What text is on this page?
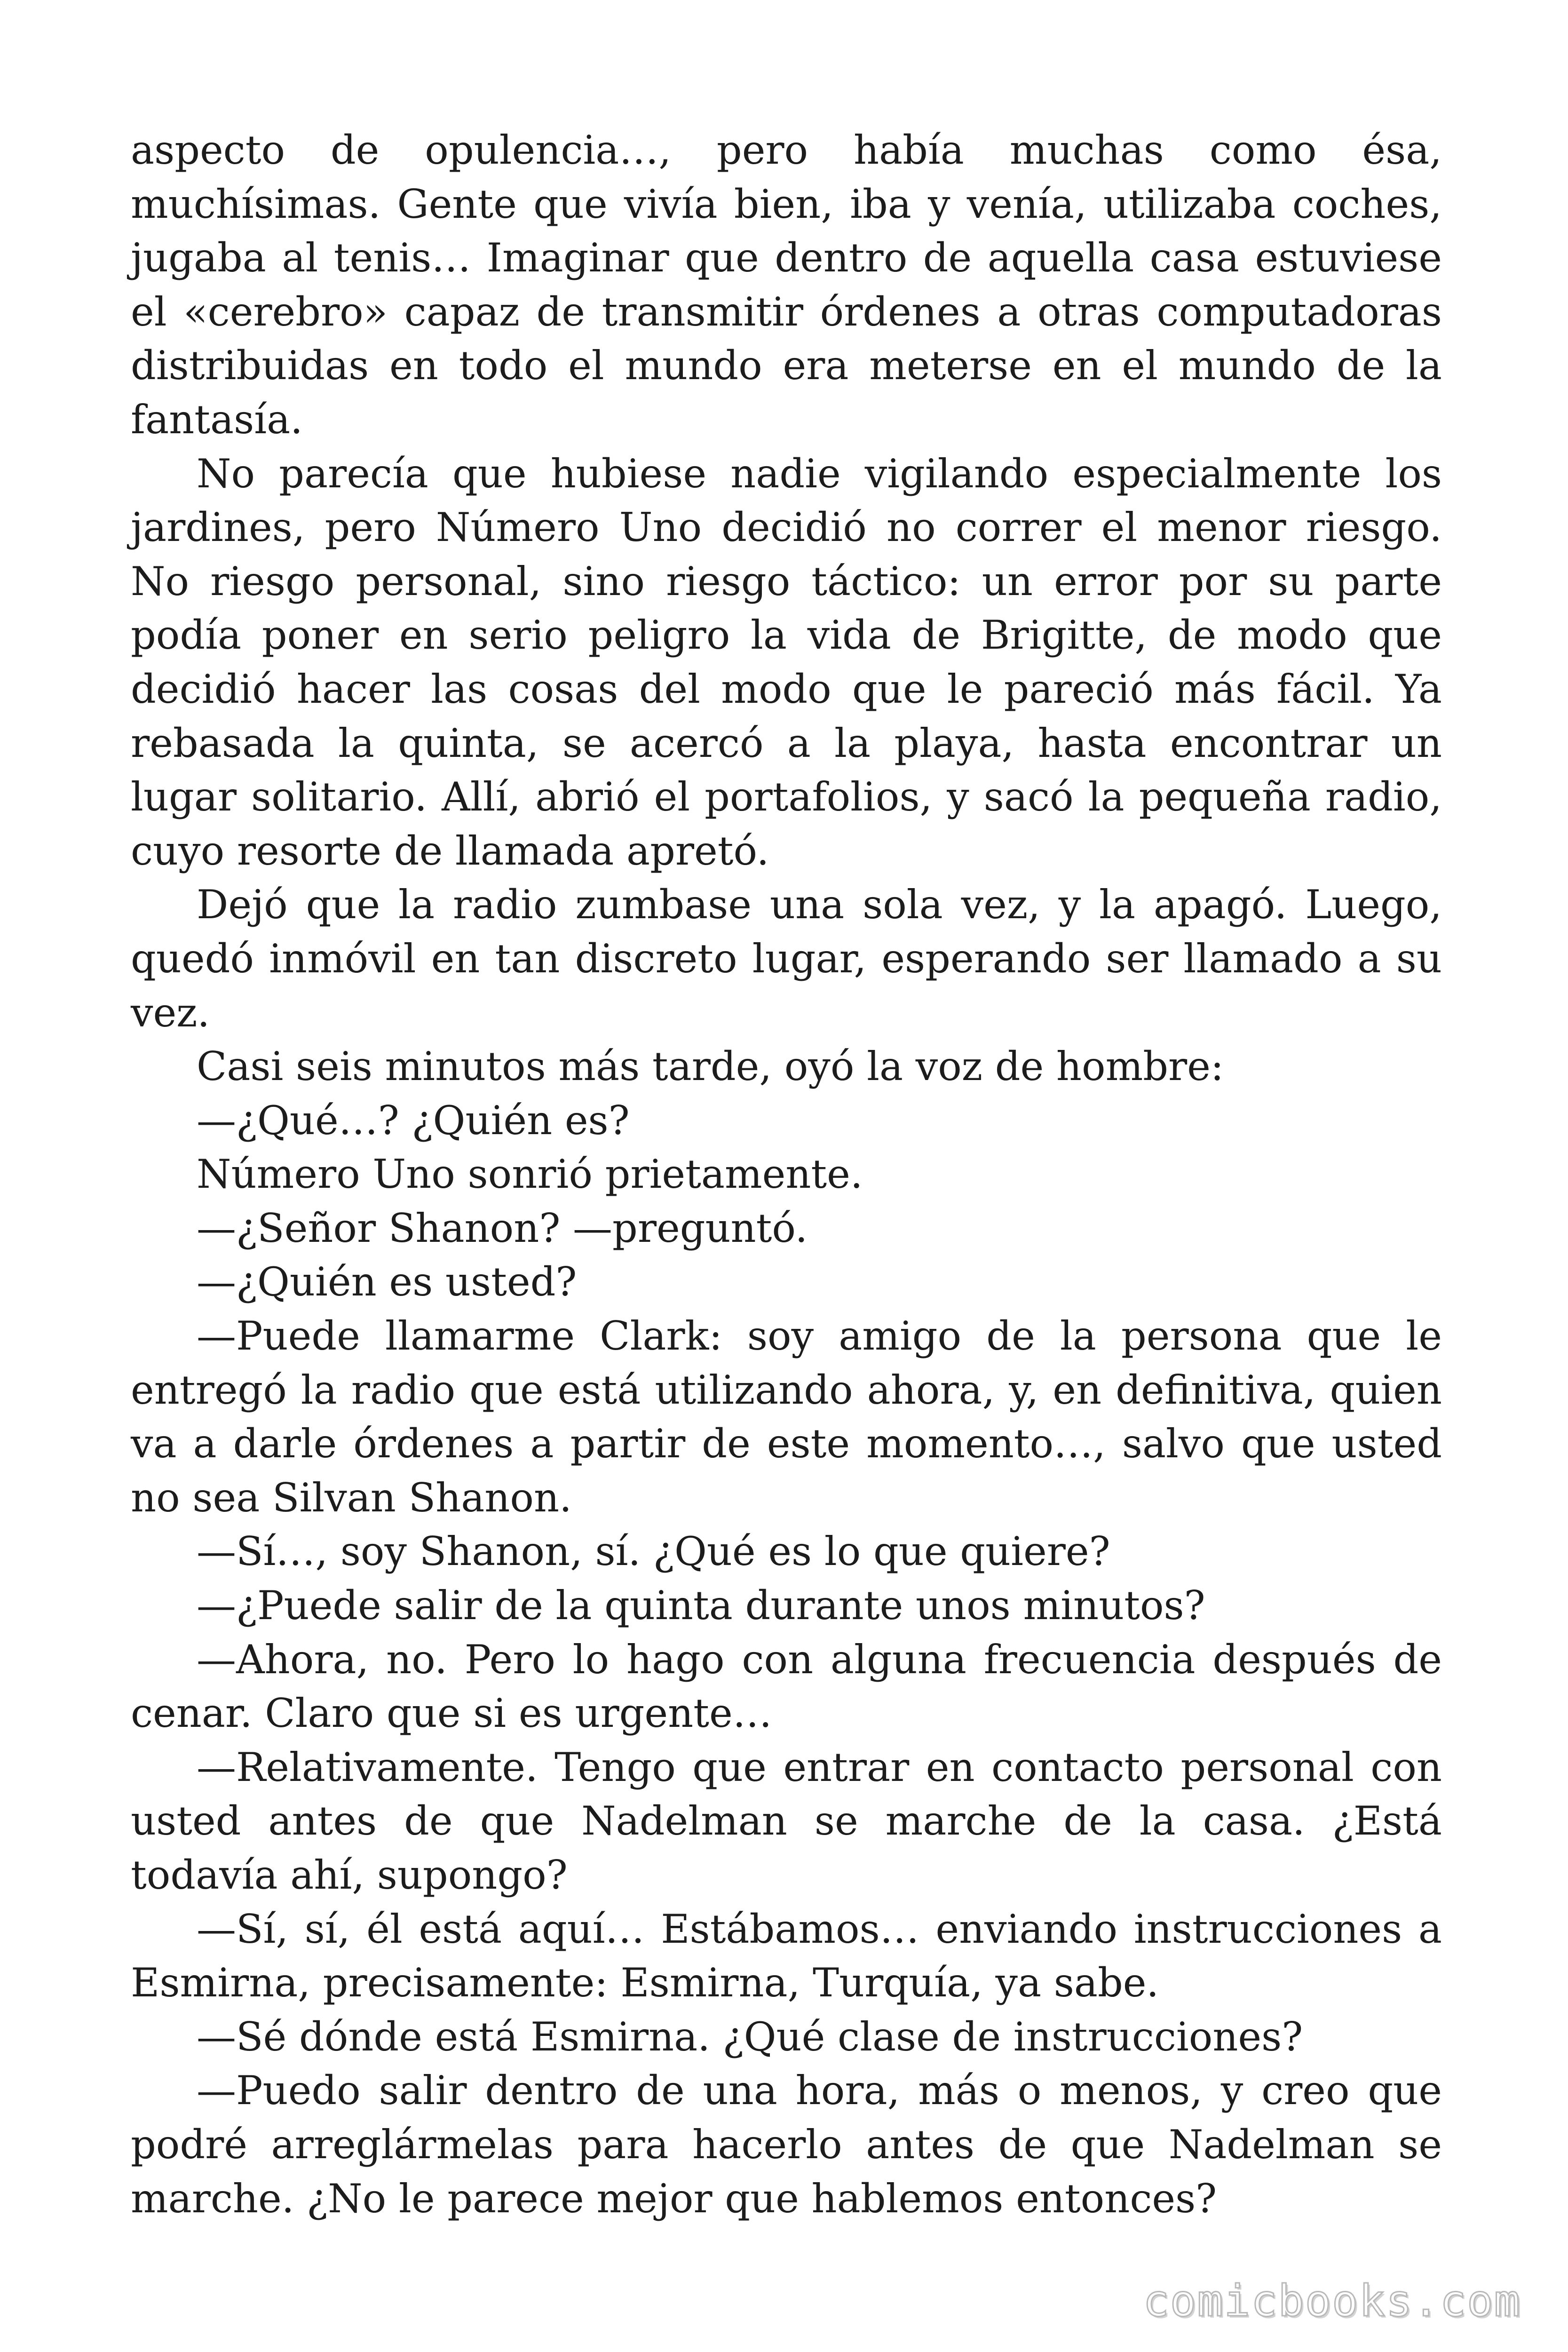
aspecto de opulencia…, pero había muchas como ésa, muchísimas. Gente que vivía bien, iba y venía, utilizaba coches, jugaba al tenis… Imaginar que dentro de aquella casa estuviese el «cerebro» capaz de transmitir órdenes a otras computadoras distribuidas en todo el mundo era meterse en el mundo de la fantasía.

No parecía que hubiese nadie vigilando especialmente los jardines, pero Número Uno decidió no correr el menor riesgo. No riesgo personal, sino riesgo táctico: un error por su parte podía poner en serio peligro la vida de Brigitte, de modo que decidió hacer las cosas del modo que le pareció más fácil. Ya rebasada la quinta, se acercó a la playa, hasta encontrar un lugar solitario. Allí, abrió el portafolios, y sacó la pequeña radio, cuyo resorte de llamada apretó.

Dejó que la radio zumbase una sola vez, y la apagó. Luego, quedó inmóvil en tan discreto lugar, esperando ser llamado a su vez.

Casi seis minutos más tarde, oyó la voz de hombre:

—¿Qué…? ¿Quién es?

Número Uno sonrió prietamente.

—¿Señor Shanon? —preguntó.

—¿Quién es usted?

—Puede llamarme Clark: soy amigo de la persona que le entregó la radio que está utilizando ahora, y, en definitiva, quien va a darle órdenes a partir de este momento…, salvo que usted no sea Silvan Shanon.

—Sí…, soy Shanon, sí. ¿Qué es lo que quiere?

—¿Puede salir de la quinta durante unos minutos?

—Ahora, no. Pero lo hago con alguna frecuencia después de cenar. Claro que si es urgente…

—Relativamente. Tengo que entrar en contacto personal con usted antes de que Nadelman se marche de la casa. ¿Está todavía ahí, supongo?

—Sí, sí, él está aquí… Estábamos… enviando instrucciones a Esmirna, precisamente: Esmirna, Turquía, ya sabe.

—Sé dónde está Esmirna. ¿Qué clase de instrucciones?

—Puedo salir dentro de una hora, más o menos, y creo que podré arreglármelas para hacerlo antes de que Nadelman se marche. ¿No le parece mejor que hablemos entonces?

comicbooks.com
